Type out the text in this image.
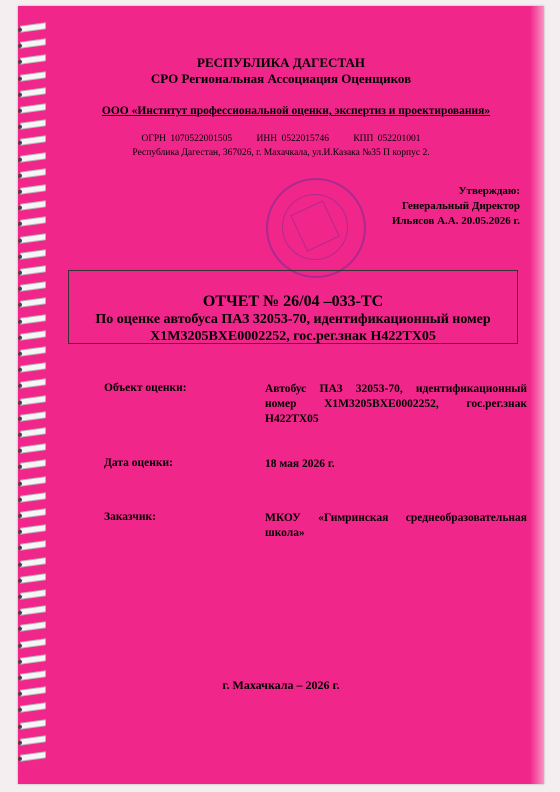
РЕСПУБЛИКА ДАГЕСТАН
СРО Региональная Ассоциация Оценщиков
ООО «Институт профессиональной оценки, экспертиз и проектирования»
ОГРН 1070522001505	ИНН 0522015746	КПП 052201001
Республика Дагестан, 367026, г. Махачкала, ул.И.Казака №35 П корпус 2.
Утверждаю:
Генеральный Директор
Ильясов А.А. 20.05.2026 г.
ОТЧЕТ № 26/04 –033-ТС
По оценке автобуса ПАЗ 32053-70, идентификационный номер X1M3205BXE0002252, гос.рег.знак Н422ТХ05
Объект оценки:	Автобус ПАЗ 32053-70, идентификационный номер X1M3205BXE0002252, гос.рег.знак Н422ТХ05
Дата оценки:	18 мая 2026 г.
Заказчик:	МКОУ «Гимринская среднеобразовательная школа»
г. Махачкала – 2026 г.
